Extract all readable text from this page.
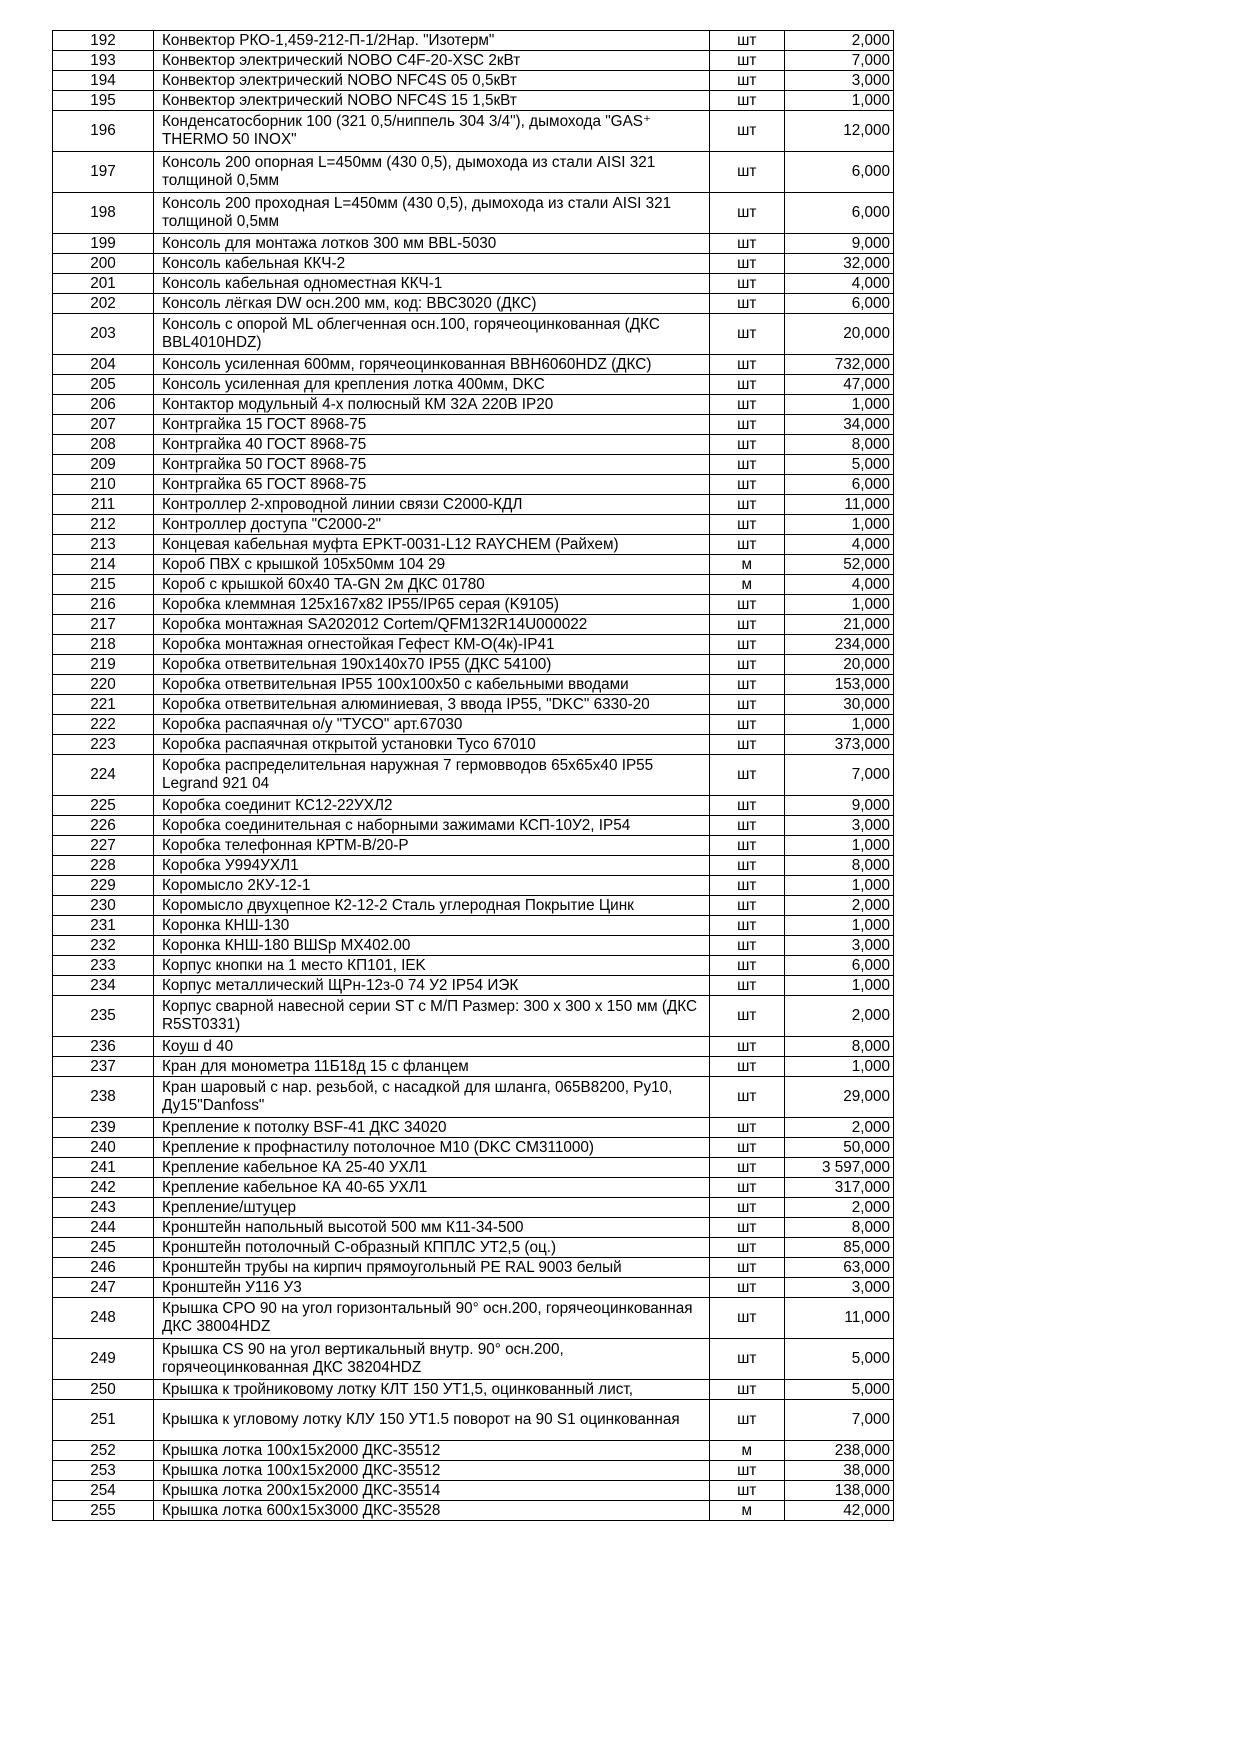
192	Конвектор РКО-1,459-212-П-1/2Нар. "Изотерм"	шт	2,000
193	Конвектор электрический NOBO C4F-20-XSC 2кВт	шт	7,000
194	Конвектор электрический NOBO NFC4S 05 0,5кВт	шт	3,000
195	Конвектор электрический NOBO NFC4S 15 1,5кВт	шт	1,000
196	Конденсатосборник 100 (321 0,5/ниппель 304 3/4"), дымохода "GAS⁺ THERMO 50 INOX"	шт	12,000
197	Консоль 200 опорная L=450мм (430 0,5), дымохода из стали AISI 321 толщиной 0,5мм	шт	6,000
198	Консоль 200 проходная L=450мм (430 0,5), дымохода из стали AISI 321 толщиной 0,5мм	шт	6,000
199	Консоль для монтажа лотков 300 мм BBL-5030	шт	9,000
200	Консоль кабельная ККЧ-2	шт	32,000
201	Консоль кабельная одноместная ККЧ-1	шт	4,000
202	Консоль лёгкая DW осн.200 мм, код: BBC3020 (ДКС)	шт	6,000
203	Консоль с опорой ML облегченная осн.100, горячеоцинкованная (ДКС BBL4010HDZ)	шт	20,000
204	Консоль усиленная 600мм, горячеоцинкованная BBH6060HDZ (ДКС)	шт	732,000
205	Консоль усиленная для крепления лотка 400мм, DKC	шт	47,000
206	Контактор модульный 4-х полюсный КМ 32А 220В IP20	шт	1,000
207	Контргайка 15 ГОСТ 8968-75	шт	34,000
208	Контргайка 40 ГОСТ 8968-75	шт	8,000
209	Контргайка 50 ГОСТ 8968-75	шт	5,000
210	Контргайка 65 ГОСТ 8968-75	шт	6,000
211	Контроллер 2-хпроводной линии связи С2000-КДЛ	шт	11,000
212	Контроллер доступа "С2000-2"	шт	1,000
213	Концевая кабельная муфта EPKT-0031-L12 RAYCHEM (Райхем)	шт	4,000
214	Короб ПВХ с крышкой 105х50мм 104 29	м	52,000
215	Короб с крышкой 60х40 TA-GN 2м ДКС 01780	м	4,000
216	Коробка клеммная 125х167х82 IP55/IP65 серая (K9105)	шт	1,000
217	Коробка монтажная SA202012 Cortem/QFM132R14U000022	шт	21,000
218	Коробка монтажная огнестойкая Гефест КМ-О(4к)-IP41	шт	234,000
219	Коробка ответвительная 190х140х70 IP55 (ДКС 54100)	шт	20,000
220	Коробка ответвительная IP55 100х100х50 с кабельными вводами	шт	153,000
221	Коробка ответвительная алюминиевая, 3 ввода IP55, "DKC" 6330-20	шт	30,000
222	Коробка распаячная о/у "ТУСО" арт.67030	шт	1,000
223	Коробка распаячная открытой установки Tyco 67010	шт	373,000
224	Коробка распределительная наружная 7 гермовводов 65х65х40 IP55 Legrand 921 04	шт	7,000
225	Коробка соединит КС12-22УХЛ2	шт	9,000
226	Коробка соединительная с наборными зажимами КСП-10У2, IP54	шт	3,000
227	Коробка телефонная КРТМ-В/20-Р	шт	1,000
228	Коробка У994УХЛ1	шт	8,000
229	Коромысло 2КУ-12-1	шт	1,000
230	Коромысло двухцепное К2-12-2 Сталь углеродная Покрытие Цинк	шт	2,000
231	Коронка КНШ-130	шт	1,000
232	Коронка КНШ-180 BШSp MX402.00	шт	3,000
233	Корпус кнопки на 1 место КП101, IEK	шт	6,000
234	Корпус металлический ЩРн-12з-0 74 У2 IP54 ИЭК	шт	1,000
235	Корпус сварной навесной серии ST с М/П Размер: 300 х 300 х 150 мм (ДКС R5ST0331)	шт	2,000
236	Коуш d 40	шт	8,000
237	Кран для монометра 11Б18д 15 с фланцем	шт	1,000
238	Кран шаровый с нар. резьбой, с насадкой для шланга, 065B8200, Ру10, Ду15"Danfoss"	шт	29,000
239	Крепление к потолку BSF-41 ДКС 34020	шт	2,000
240	Крепление к профнастилу потолочное М10 (DKC CM311000)	шт	50,000
241	Крепление кабельное КА 25-40 УХЛ1	шт	3 597,000
242	Крепление кабельное КА 40-65 УХЛ1	шт	317,000
243	Крепление/штуцер	шт	2,000
244	Кронштейн напольный высотой 500 мм К11-34-500	шт	8,000
245	Кронштейн потолочный С-образный КППЛС УТ2,5 (оц.)	шт	85,000
246	Кронштейн трубы на кирпич прямоугольный PE RAL 9003 белый	шт	63,000
247	Кронштейн У116 У3	шт	3,000
248	Крышка CPO 90 на угол горизонтальный 90° осн.200, горячеоцинкованная ДКС 38004HDZ	шт	11,000
249	Крышка CS 90 на угол вертикальный внутр. 90° осн.200, горячеоцинкованная ДКС 38204HDZ	шт	5,000
250	Крышка к тройниковому лотку КЛТ 150 УТ1,5, оцинкованный лист,	шт	5,000
251	Крышка к угловому лотку КЛУ 150 УТ1.5 поворот на 90 S1 оцинкованная	шт	7,000
252	Крышка лотка 100х15х2000 ДКС-35512	м	238,000
253	Крышка лотка 100х15х2000 ДКС-35512	шт	38,000
254	Крышка лотка 200х15х2000 ДКС-35514	шт	138,000
255	Крышка лотка 600х15х3000 ДКС-35528	м	42,000
